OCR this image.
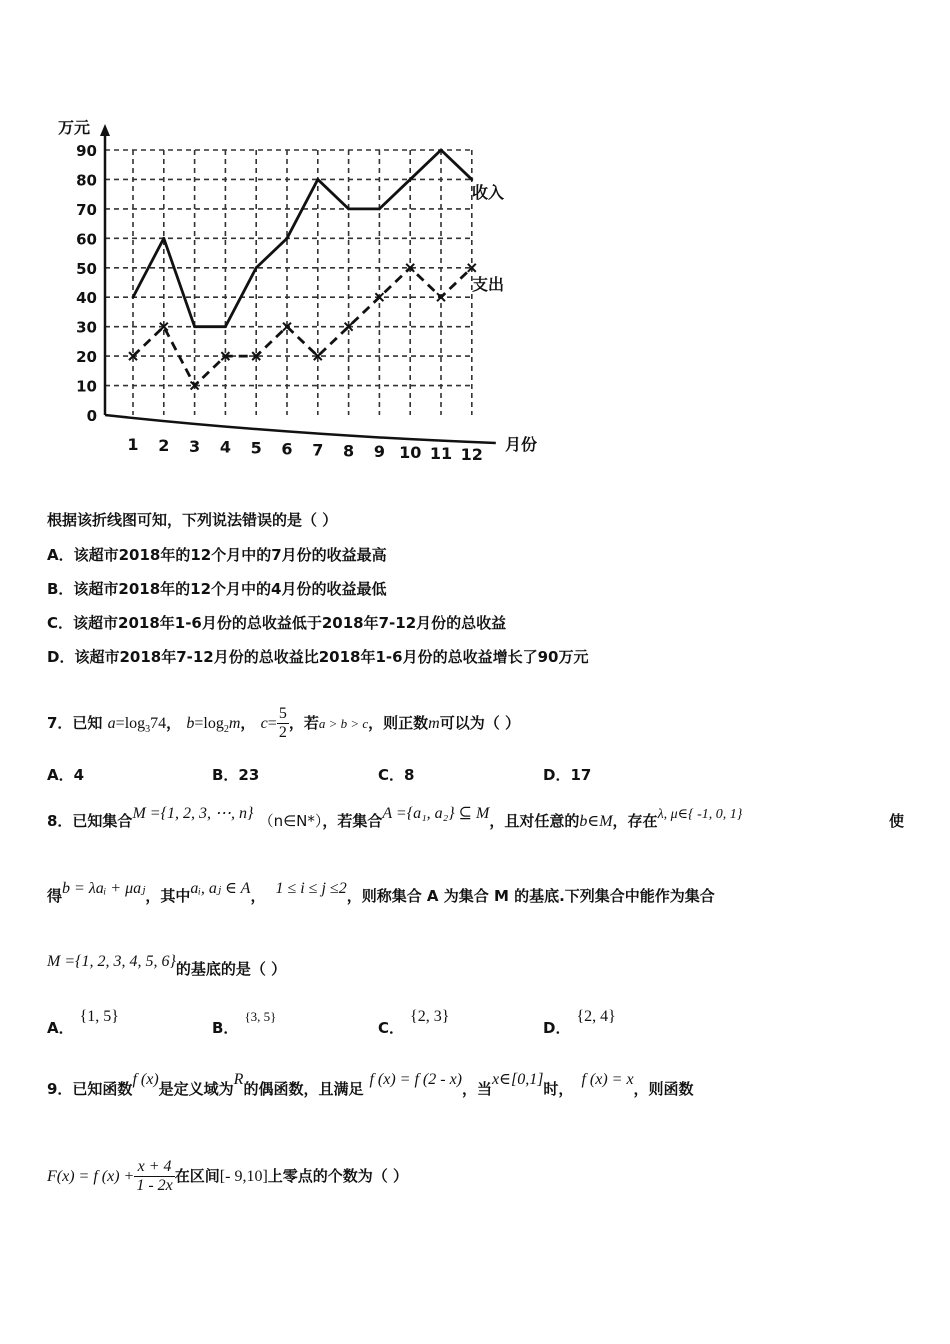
0
10
20
30
40
50
60
70
80
90
1 2 3 4 5 6 7 8 9 10 11 12
万元
月份
收入
支出
根据该折线图可知，下列说法错误的是（ ）
A．该超市2018年的12个月中的7月份的收益最高
B．该超市2018年的12个月中的4月份的收益最低
C．该超市2018年1-6月份的总收益低于2018年7-12月份的总收益
D．该超市2018年7-12月份的总收益比2018年1-6月份的总收益增长了90万元
7．已知 $a=\log_374$， $b=\log_2m$， $c= \frac{5}{2}$ ，若a > b > c，则正数m可以为（ ）
A．4	B．23	C．8	D．17
8．已知集合M ={1, 2, 3, ⋯, n} （n∈N*），若集合A ={a₁, a₂} ⊆ M，且对任意的b∈M，存在λ, μ∈{ -1, 0, 1}	使
得b = λaᵢ + μaⱼ，其中aᵢ, aⱼ ∈ A， 1 ≤ i ≤ j ≤2，则称集合 A 为集合 M 的基底.下列集合中能作为集合
M ={1, 2, 3, 4, 5, 6}的基底的是（ ）
A．{1, 5}
B．{3, 5}
C．{2, 3}
D．{2, 4}
9．已知函数f (x)是定义域为R的偶函数，且满足f (x) = f (2 - x)，当x∈[0,1]时，f (x) = x，则函数
F(x) = f $(x) + \frac{x + 4}{1 - 2x}$ 在区间[- 9,10]上零点的个数为（ ）
